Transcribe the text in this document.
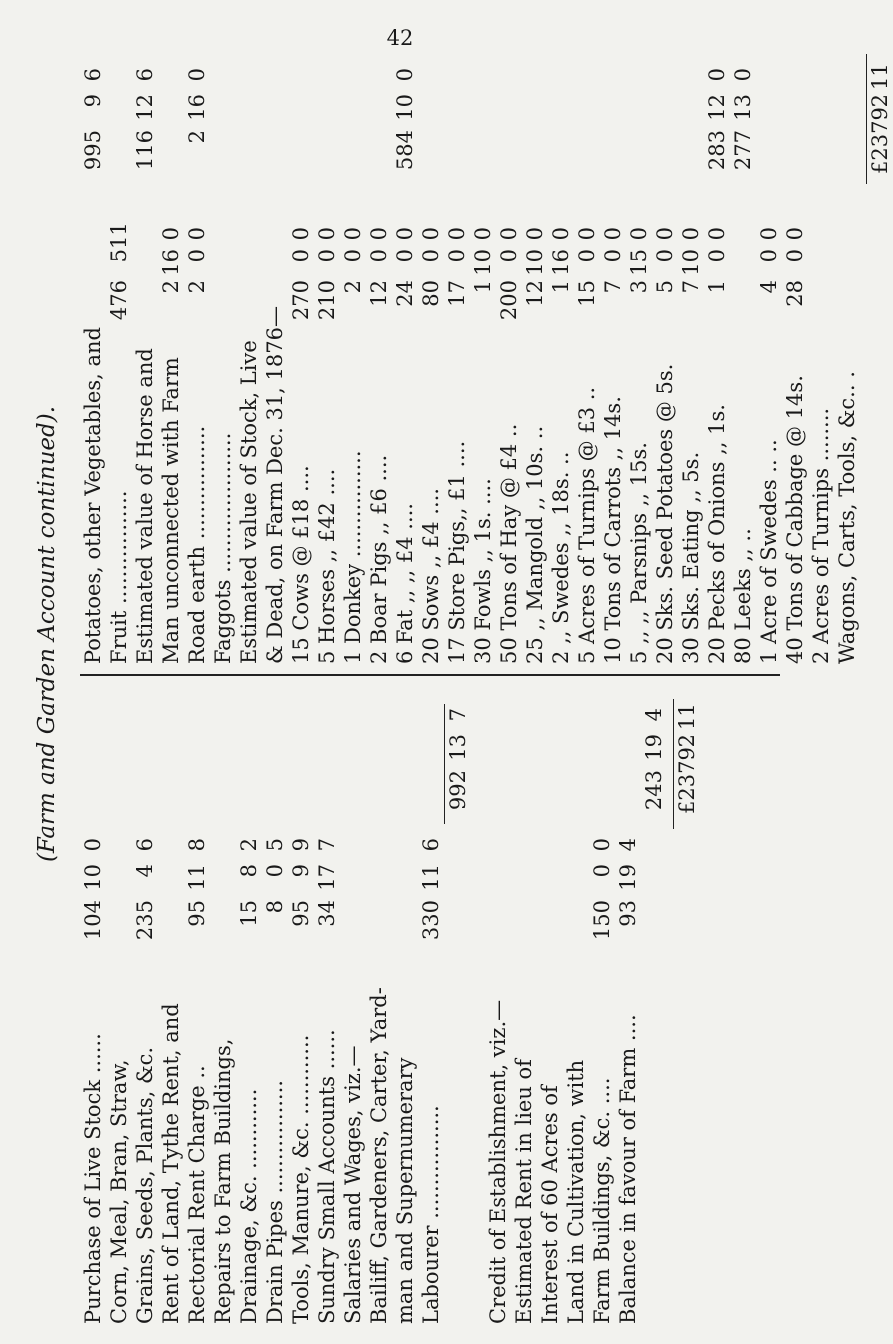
42
(Farm and Garden Account continued).
Purchase of Live Stock ......
104
10
0
Corn, Meal, Bran, Straw, Grains, Seeds, Plants, &c.
235
4
6
Rent of Land, Tythe Rent, and Rectorial Rent Charge ..
95
11
8
Repairs to Farm Buildings, Drainage, &c. ............
15
8
2
Drain Pipes .................
8
0
5
Tools, Manure, &c. ............
95
9
9
Sundry Small Accounts ......
34
17
7
Salaries and Wages, viz.— Bailiff, Gardeners, Carter, Yard- man and Supernumerary Labourer .................
330
11
6
992
13
7
Credit of Establishment, viz.— Estimated Rent in lieu of Interest of 60 Acres of Land in Cultivation, with Farm Buildings, &c. ....
150
0
0
Balance in favour of Farm ....
93
19
4
243
19
4
£2379
2
11
Potatoes, other Vegetables, and Fruit .................
476
5
11
Estimated value of Horse and Man unconnected with Farm
2
16
0
Road earth .................
2
0
0
Faggots ..................... Estimated value of Stock, Live & Dead, on Farm Dec. 31, 1876— 15 Cows @ £18 ....
270
0
0
5 Horses ,, £42 ....
210
0
0
1 Donkey ................
2
0
0
2 Boar Pigs ,, £6 ....
12
0
0
6 Fat ,, ,, £4 ....
24
0
0
20 Sows ,, £4 ....
80
0
0
17 Store Pigs,, £1 ....
17
0
0
30 Fowls ,, 1s. ....
1
10
0
50 Tons of Hay @ £4 ..
200
0
0
25 ,, Mangold ,, 10s. ..
12
10
0
2 ,, Swedes ,, 18s. ..
1
16
0
5 Acres of Turnips @ £3 ..
15
0
0
10 Tons of Carrots ,, 14s.
7
0
0
5 ,, ,, Parsnips ,, 15s.
3
15
0
20 Sks. Seed Potatoes @ 5s.
5
0
0
30 Sks. Eating ,, 5s.
7
10
0
20 Pecks of Onions ,, 1s.
1
0
0
80 Leeks ,, .. 1 Acre of Swedes .. ..
4
0
0
40 Tons of Cabbage @ 14s.
28
0
0
2 Acres of Turnips ........ Wagons, Carts, Tools, &c.. .
£2379
2
11
995
9
6
116
12
6
2
16
0
584
10
0
283
12
0
277
13
0
